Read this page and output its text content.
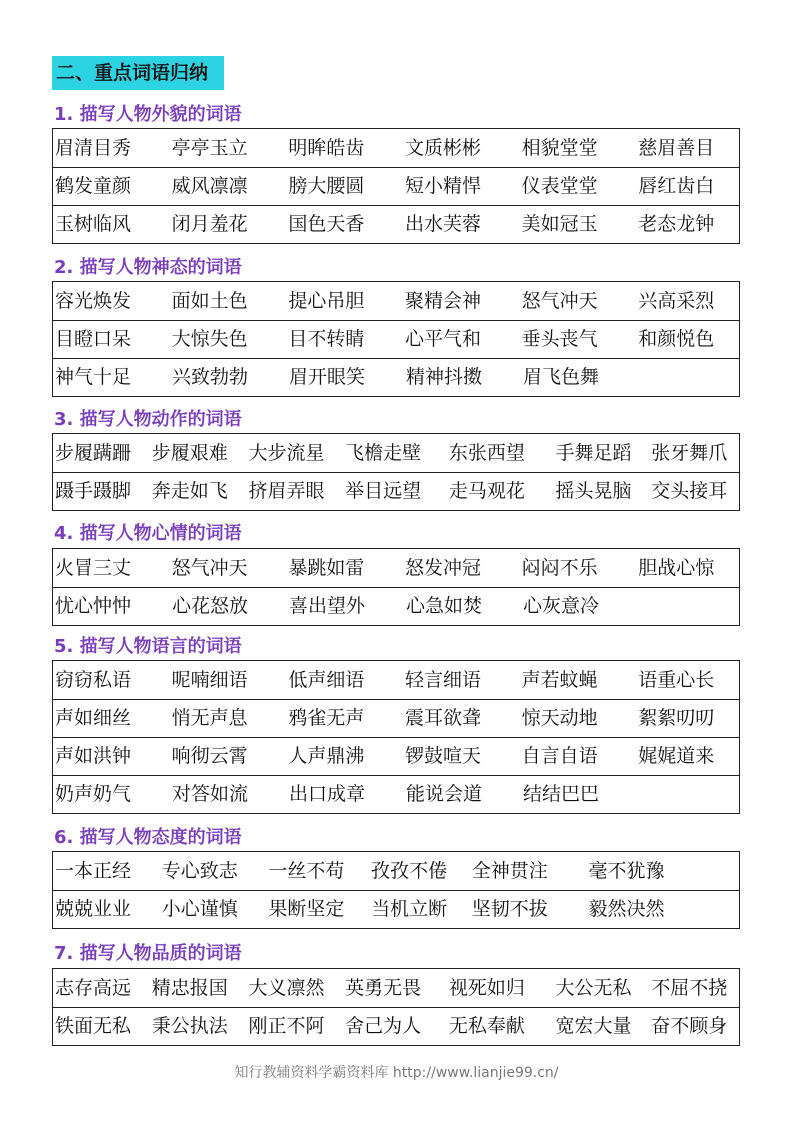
二、重点词语归纳
1. 描写人物外貌的词语
眉清目秀	亭亭玉立	明眸皓齿	文质彬彬	相貌堂堂	慈眉善目
鹤发童颜	威风凛凛	膀大腰圆	短小精悍	仪表堂堂	唇红齿白
玉树临风	闭月羞花	国色天香	出水芙蓉	美如冠玉	老态龙钟
2. 描写人物神态的词语
容光焕发	面如土色	提心吊胆	聚精会神	怒气冲天	兴高采烈
目瞪口呆	大惊失色	目不转睛	心平气和	垂头丧气	和颜悦色
神气十足	兴致勃勃	眉开眼笑	精神抖擞	眉飞色舞
3. 描写人物动作的词语
步履蹒跚	步履艰难	大步流星	飞檐走壁	东张西望	手舞足蹈	张牙舞爪
蹑手蹑脚	奔走如飞	挤眉弄眼	举目远望	走马观花	摇头晃脑	交头接耳
4. 描写人物心情的词语
火冒三丈	怒气冲天	暴跳如雷	怒发冲冠	闷闷不乐	胆战心惊
忧心忡忡	心花怒放	喜出望外	心急如焚	心灰意冷
5. 描写人物语言的词语
窃窃私语	呢喃细语	低声细语	轻言细语	声若蚊蝇	语重心长
声如细丝	悄无声息	鸦雀无声	震耳欲聋	惊天动地	絮絮叨叨
声如洪钟	响彻云霄	人声鼎沸	锣鼓喧天	自言自语	娓娓道来
奶声奶气	对答如流	出口成章	能说会道	结结巴巴
6. 描写人物态度的词语
一本正经	专心致志	一丝不苟	孜孜不倦	全神贯注	毫不犹豫
兢兢业业	小心谨慎	果断坚定	当机立断	坚韧不拔	毅然决然
7. 描写人物品质的词语
志存高远	精忠报国	大义凛然	英勇无畏	视死如归	大公无私	不屈不挠
铁面无私	秉公执法	刚正不阿	舍己为人	无私奉献	宽宏大量	奋不顾身
知行教辅资料学霸资料库 http://www.lianjie99.cn/
